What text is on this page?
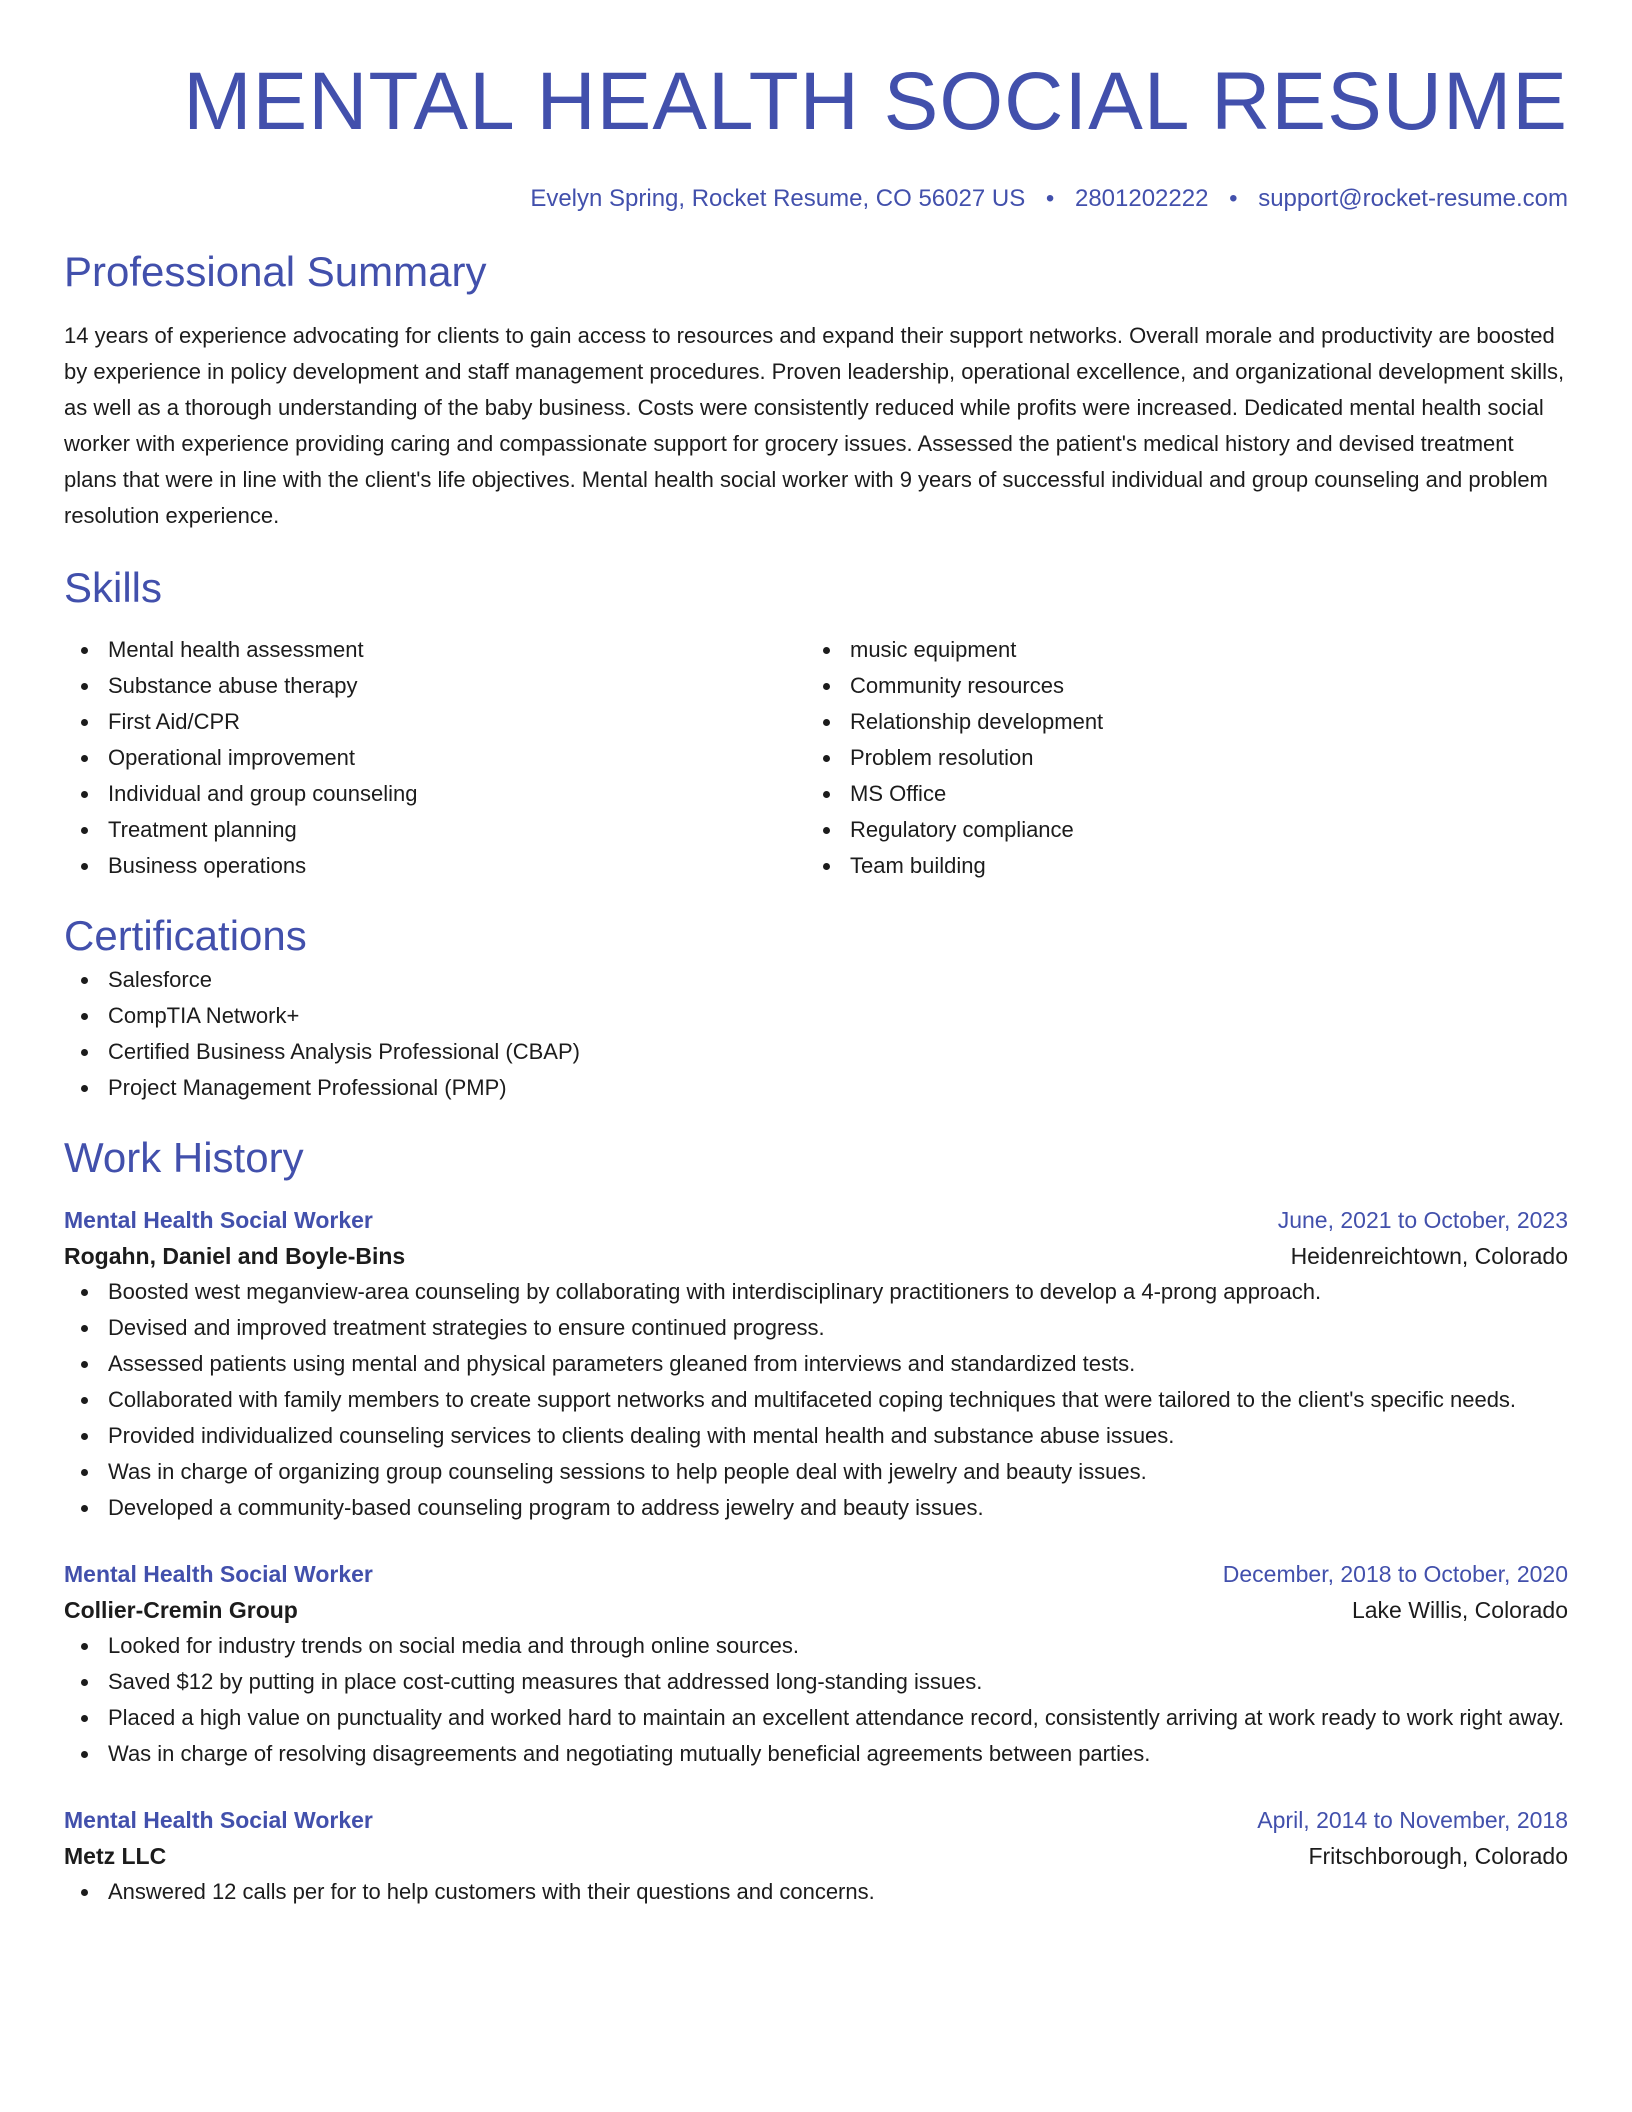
MENTAL HEALTH SOCIAL RESUME
Evelyn Spring, Rocket Resume, CO 56027 US • 2801202222 • support@rocket-resume.com
Professional Summary

14 years of experience advocating for clients to gain access to resources and expand their support networks. Overall morale and productivity are boosted by experience in policy development and staff management procedures. Proven leadership, operational excellence, and organizational development skills, as well as a thorough understanding of the baby business. Costs were consistently reduced while profits were increased. Dedicated mental health social worker with experience providing caring and compassionate support for grocery issues. Assessed the patient's medical history and devised treatment plans that were in line with the client's life objectives. Mental health social worker with 9 years of successful individual and group counseling and problem resolution experience.

Skills
Mental health assessment
Substance abuse therapy
First Aid/CPR
Operational improvement
Individual and group counseling
Treatment planning
Business operations
music equipment
Community resources
Relationship development
Problem resolution
MS Office
Regulatory compliance
Team building
Certifications
Salesforce
CompTIA Network+
Certified Business Analysis Professional (CBAP)
Project Management Professional (PMP)
Work History
Mental Health Social Worker	June, 2021 to October, 2023
Rogahn, Daniel and Boyle-Bins	Heidenreichtown, Colorado
Boosted west meganview-area counseling by collaborating with interdisciplinary practitioners to develop a 4-prong approach.
Devised and improved treatment strategies to ensure continued progress.
Assessed patients using mental and physical parameters gleaned from interviews and standardized tests.
Collaborated with family members to create support networks and multifaceted coping techniques that were tailored to the client's specific needs.
Provided individualized counseling services to clients dealing with mental health and substance abuse issues.
Was in charge of organizing group counseling sessions to help people deal with jewelry and beauty issues.
Developed a community-based counseling program to address jewelry and beauty issues.
Mental Health Social Worker	December, 2018 to October, 2020
Collier-Cremin Group	Lake Willis, Colorado
Looked for industry trends on social media and through online sources.
Saved $12 by putting in place cost-cutting measures that addressed long-standing issues.
Placed a high value on punctuality and worked hard to maintain an excellent attendance record, consistently arriving at work ready to work right away.
Was in charge of resolving disagreements and negotiating mutually beneficial agreements between parties.
Mental Health Social Worker	April, 2014 to November, 2018
Metz LLC	Fritschborough, Colorado
Answered 12 calls per for to help customers with their questions and concerns.
